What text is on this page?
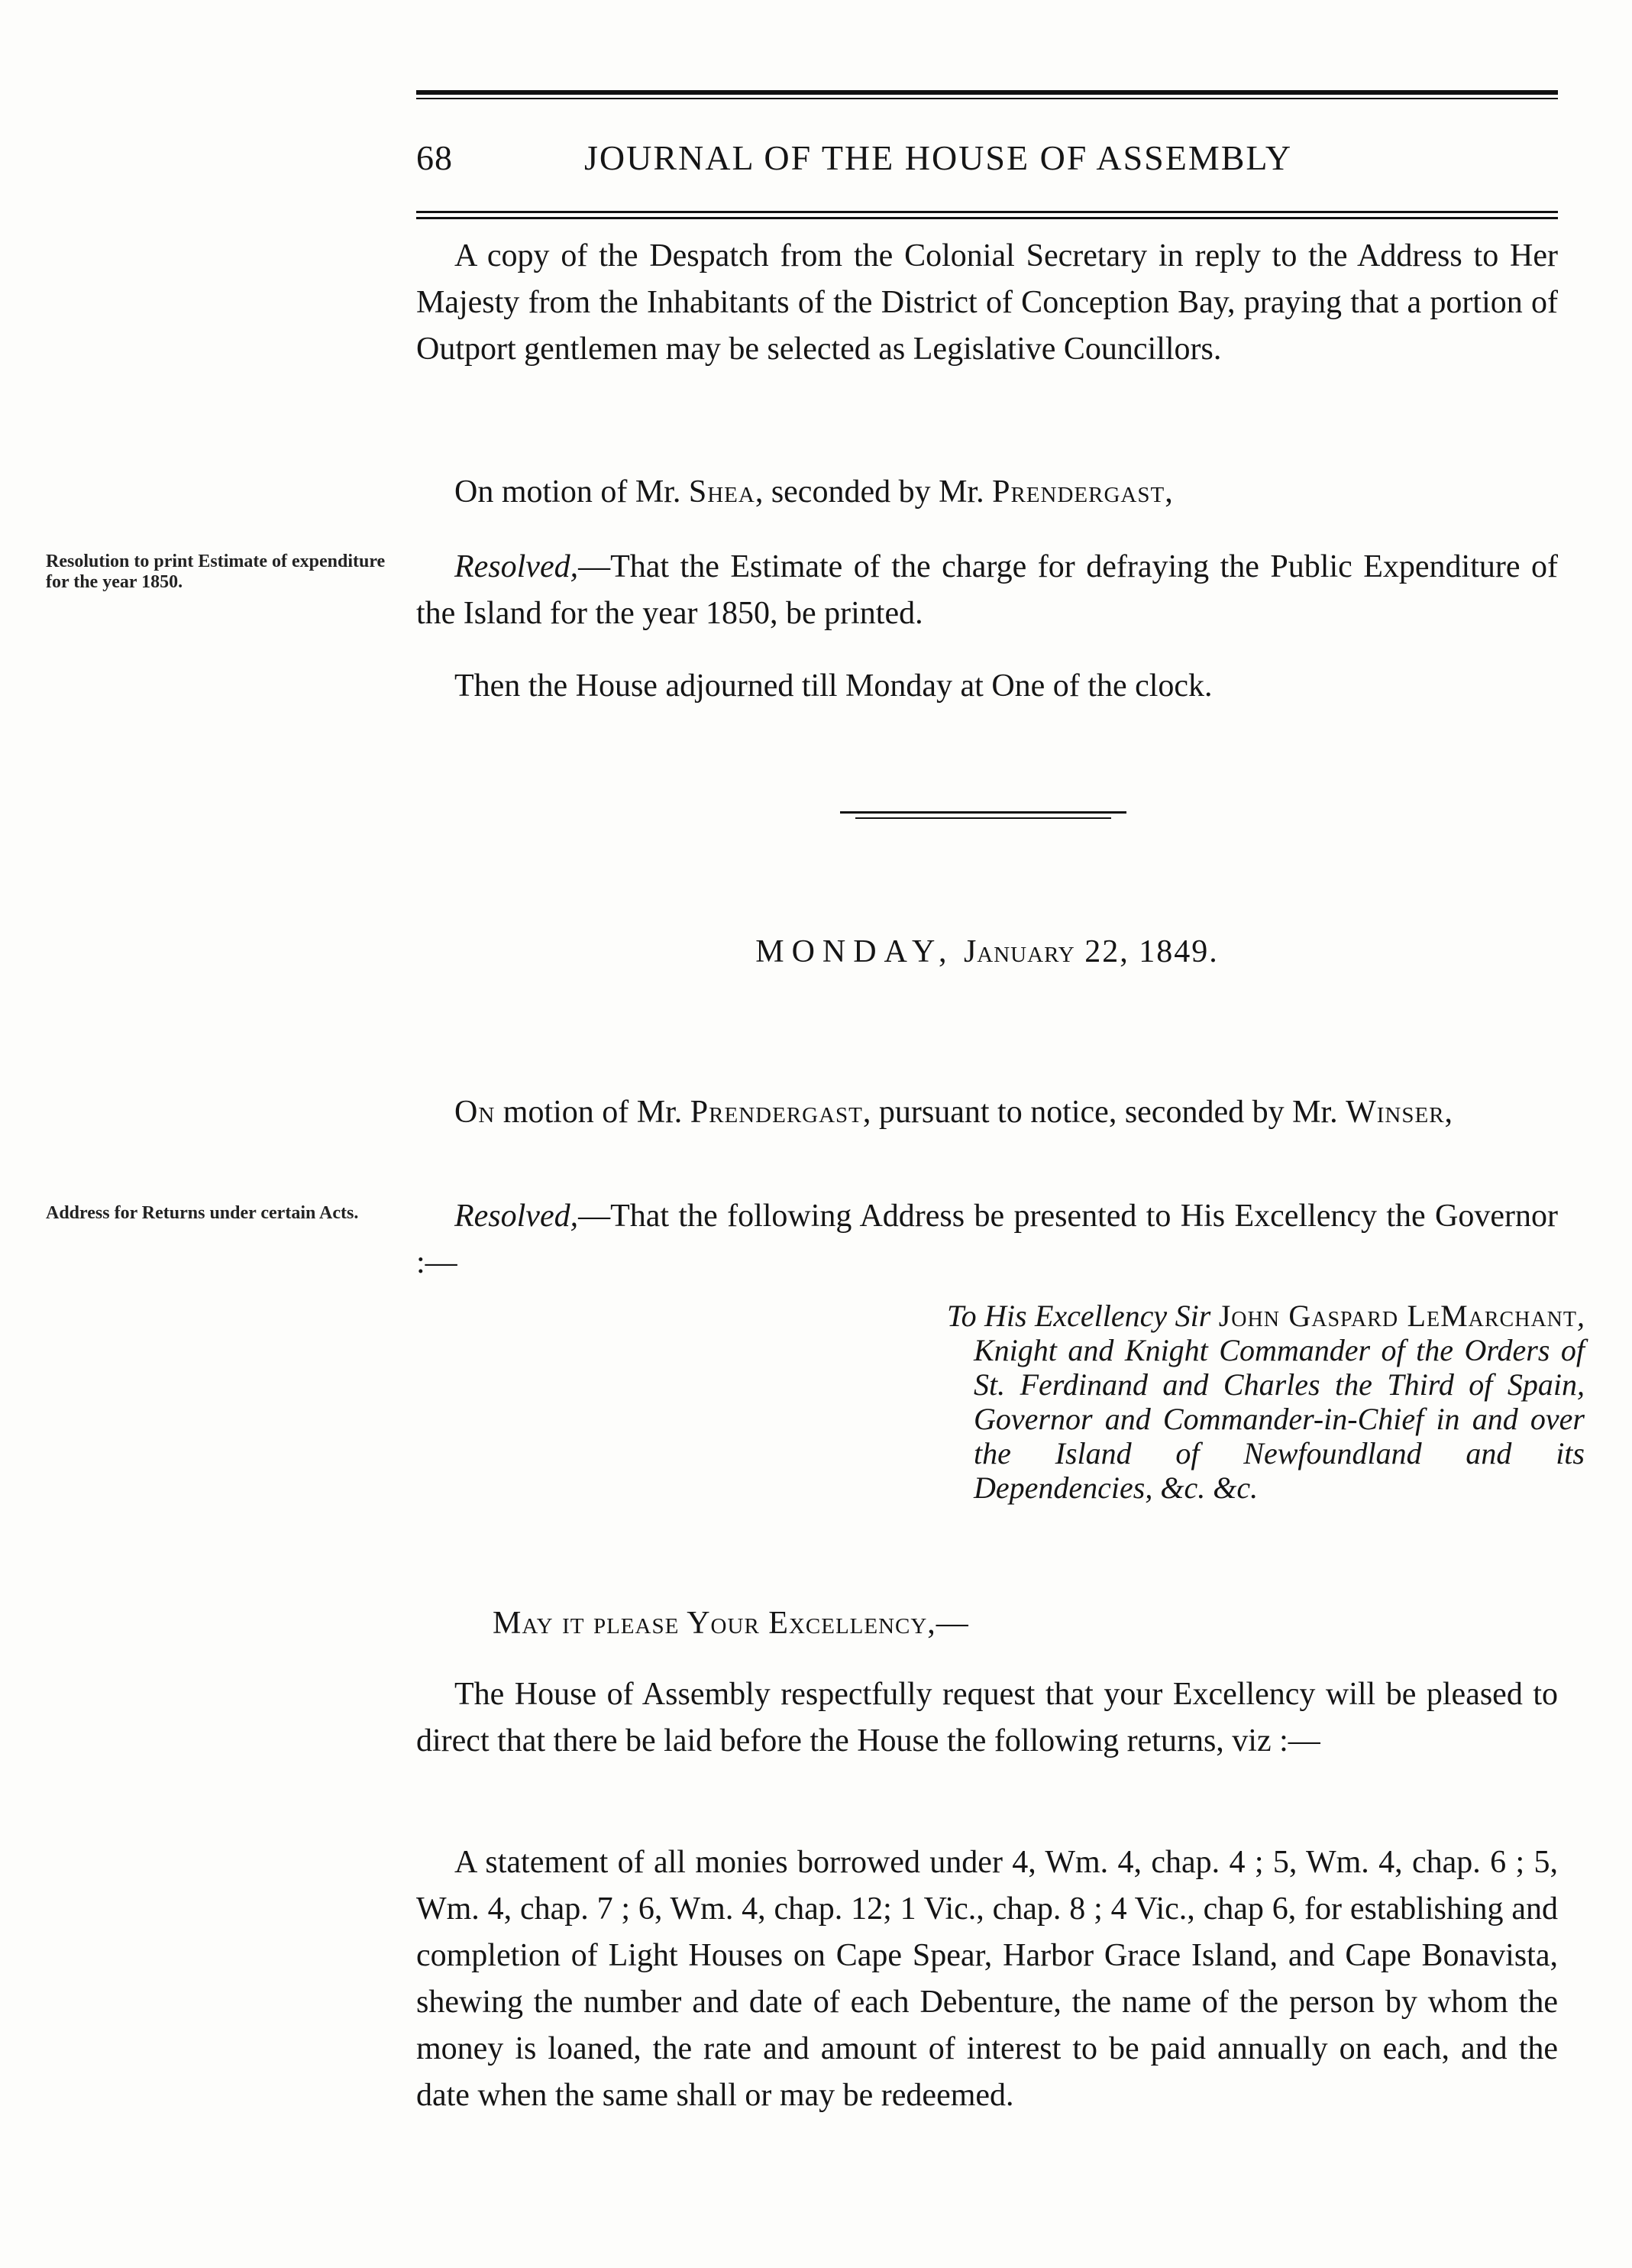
68	JOURNAL OF THE HOUSE OF ASSEMBLY

A copy of the Despatch from the Colonial Secretary in reply to the Address to Her Majesty from the Inhabitants of the District of Conception Bay, praying that a portion of Outport gentlemen may be selected as Legislative Councillors.

On motion of Mr. Shea, seconded by Mr. Prendergast,

Resolution to print Estimate of expenditure for the year 1850.	Resolved,—That the Estimate of the charge for defraying the Public Expenditure of the Island for the year 1850, be printed.

Then the House adjourned till Monday at One of the clock.

MONDAY, January 22, 1849.

On motion of Mr. Prendergast, pursuant to notice, seconded by Mr. Winser,

Address for Returns under certain Acts.	Resolved,—That the following Address be presented to His Excellency the Governor :—

To His Excellency Sir John Gaspard LeMarchant, Knight and Knight Commander of the Orders of St. Ferdinand and Charles the Third of Spain, Governor and Commander-in-Chief in and over the Island of Newfoundland and its Dependencies, &c. &c.

May it please Your Excellency,—

The House of Assembly respectfully request that your Excellency will be pleased to direct that there be laid before the House the following returns, viz :—

A statement of all monies borrowed under 4, Wm. 4, chap. 4 ; 5, Wm. 4, chap. 6 ; 5, Wm. 4, chap. 7 ; 6, Wm. 4, chap. 12; 1 Vic., chap. 8 ; 4 Vic., chap 6, for establishing and completion of Light Houses on Cape Spear, Harbor Grace Island, and Cape Bonavista, shewing the number and date of each Debenture, the name of the person by whom the money is loaned, the rate and amount of interest to be paid annually on each, and the date when the same shall or may be redeemed.
